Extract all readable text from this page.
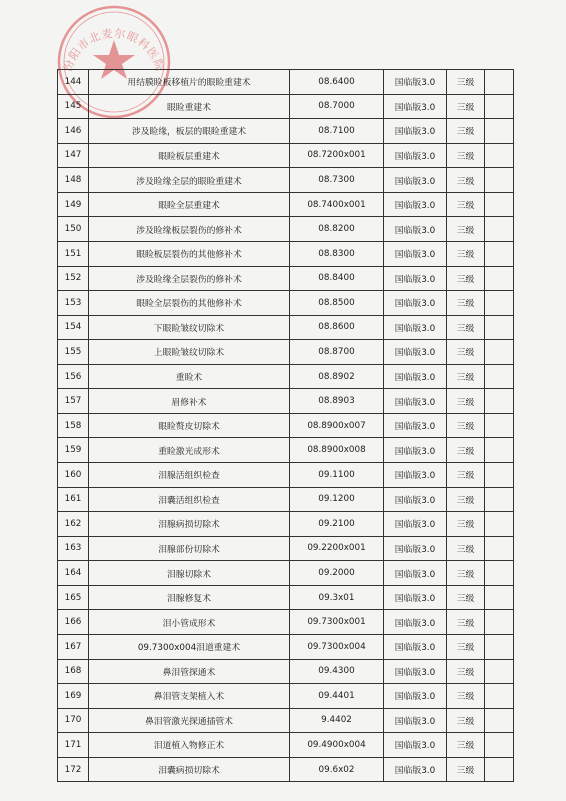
汾阳市北麦尔眼科医院
144	用结膜睑板移植片的眼睑重建术	08.6400	国临版3.0	三级	
145	眼睑重建术	08.7000	国临版3.0	三级	
146	涉及睑缘，板层的眼睑重建术	08.7100	国临版3.0	三级	
147	眼睑板层重建术	08.7200x001	国临版3.0	三级	
148	涉及睑缘全层的眼睑重建术	08.7300	国临版3.0	三级	
149	眼睑全层重建术	08.7400x001	国临版3.0	三级	
150	涉及睑缘板层裂伤的修补术	08.8200	国临版3.0	三级	
151	眼睑板层裂伤的其他修补术	08.8300	国临版3.0	三级	
152	涉及睑缘全层裂伤的修补术	08.8400	国临版3.0	三级	
153	眼睑全层裂伤的其他修补术	08.8500	国临版3.0	三级	
154	下眼睑皱纹切除术	08.8600	国临版3.0	三级	
155	上眼睑皱纹切除术	08.8700	国临版3.0	三级	
156	重睑术	08.8902	国临版3.0	三级	
157	眉修补术	08.8903	国临版3.0	三级	
158	眼睑赘皮切除术	08.8900x007	国临版3.0	三级	
159	重睑激光成形术	08.8900x008	国临版3.0	三级	
160	泪腺活组织检查	09.1100	国临版3.0	三级	
161	泪囊活组织检查	09.1200	国临版3.0	三级	
162	泪腺病损切除术	09.2100	国临版3.0	三级	
163	泪腺部份切除术	09.2200x001	国临版3.0	三级	
164	泪腺切除术	09.2000	国临版3.0	三级	
165	泪腺修复术	09.3x01	国临版3.0	三级	
166	泪小管成形术	09.7300x001	国临版3.0	三级	
167	09.7300x004泪道重建术	09.7300x004	国临版3.0	三级	
168	鼻泪管探通术	09.4300	国临版3.0	三级	
169	鼻泪管支架植入术	09.4401	国临版3.0	三级	
170	鼻泪管激光探通插管术	9.4402	国临版3.0	三级	
171	泪道植入物修正术	09.4900x004	国临版3.0	三级	
172	泪囊病损切除术	09.6x02	国临版3.0	三级	
